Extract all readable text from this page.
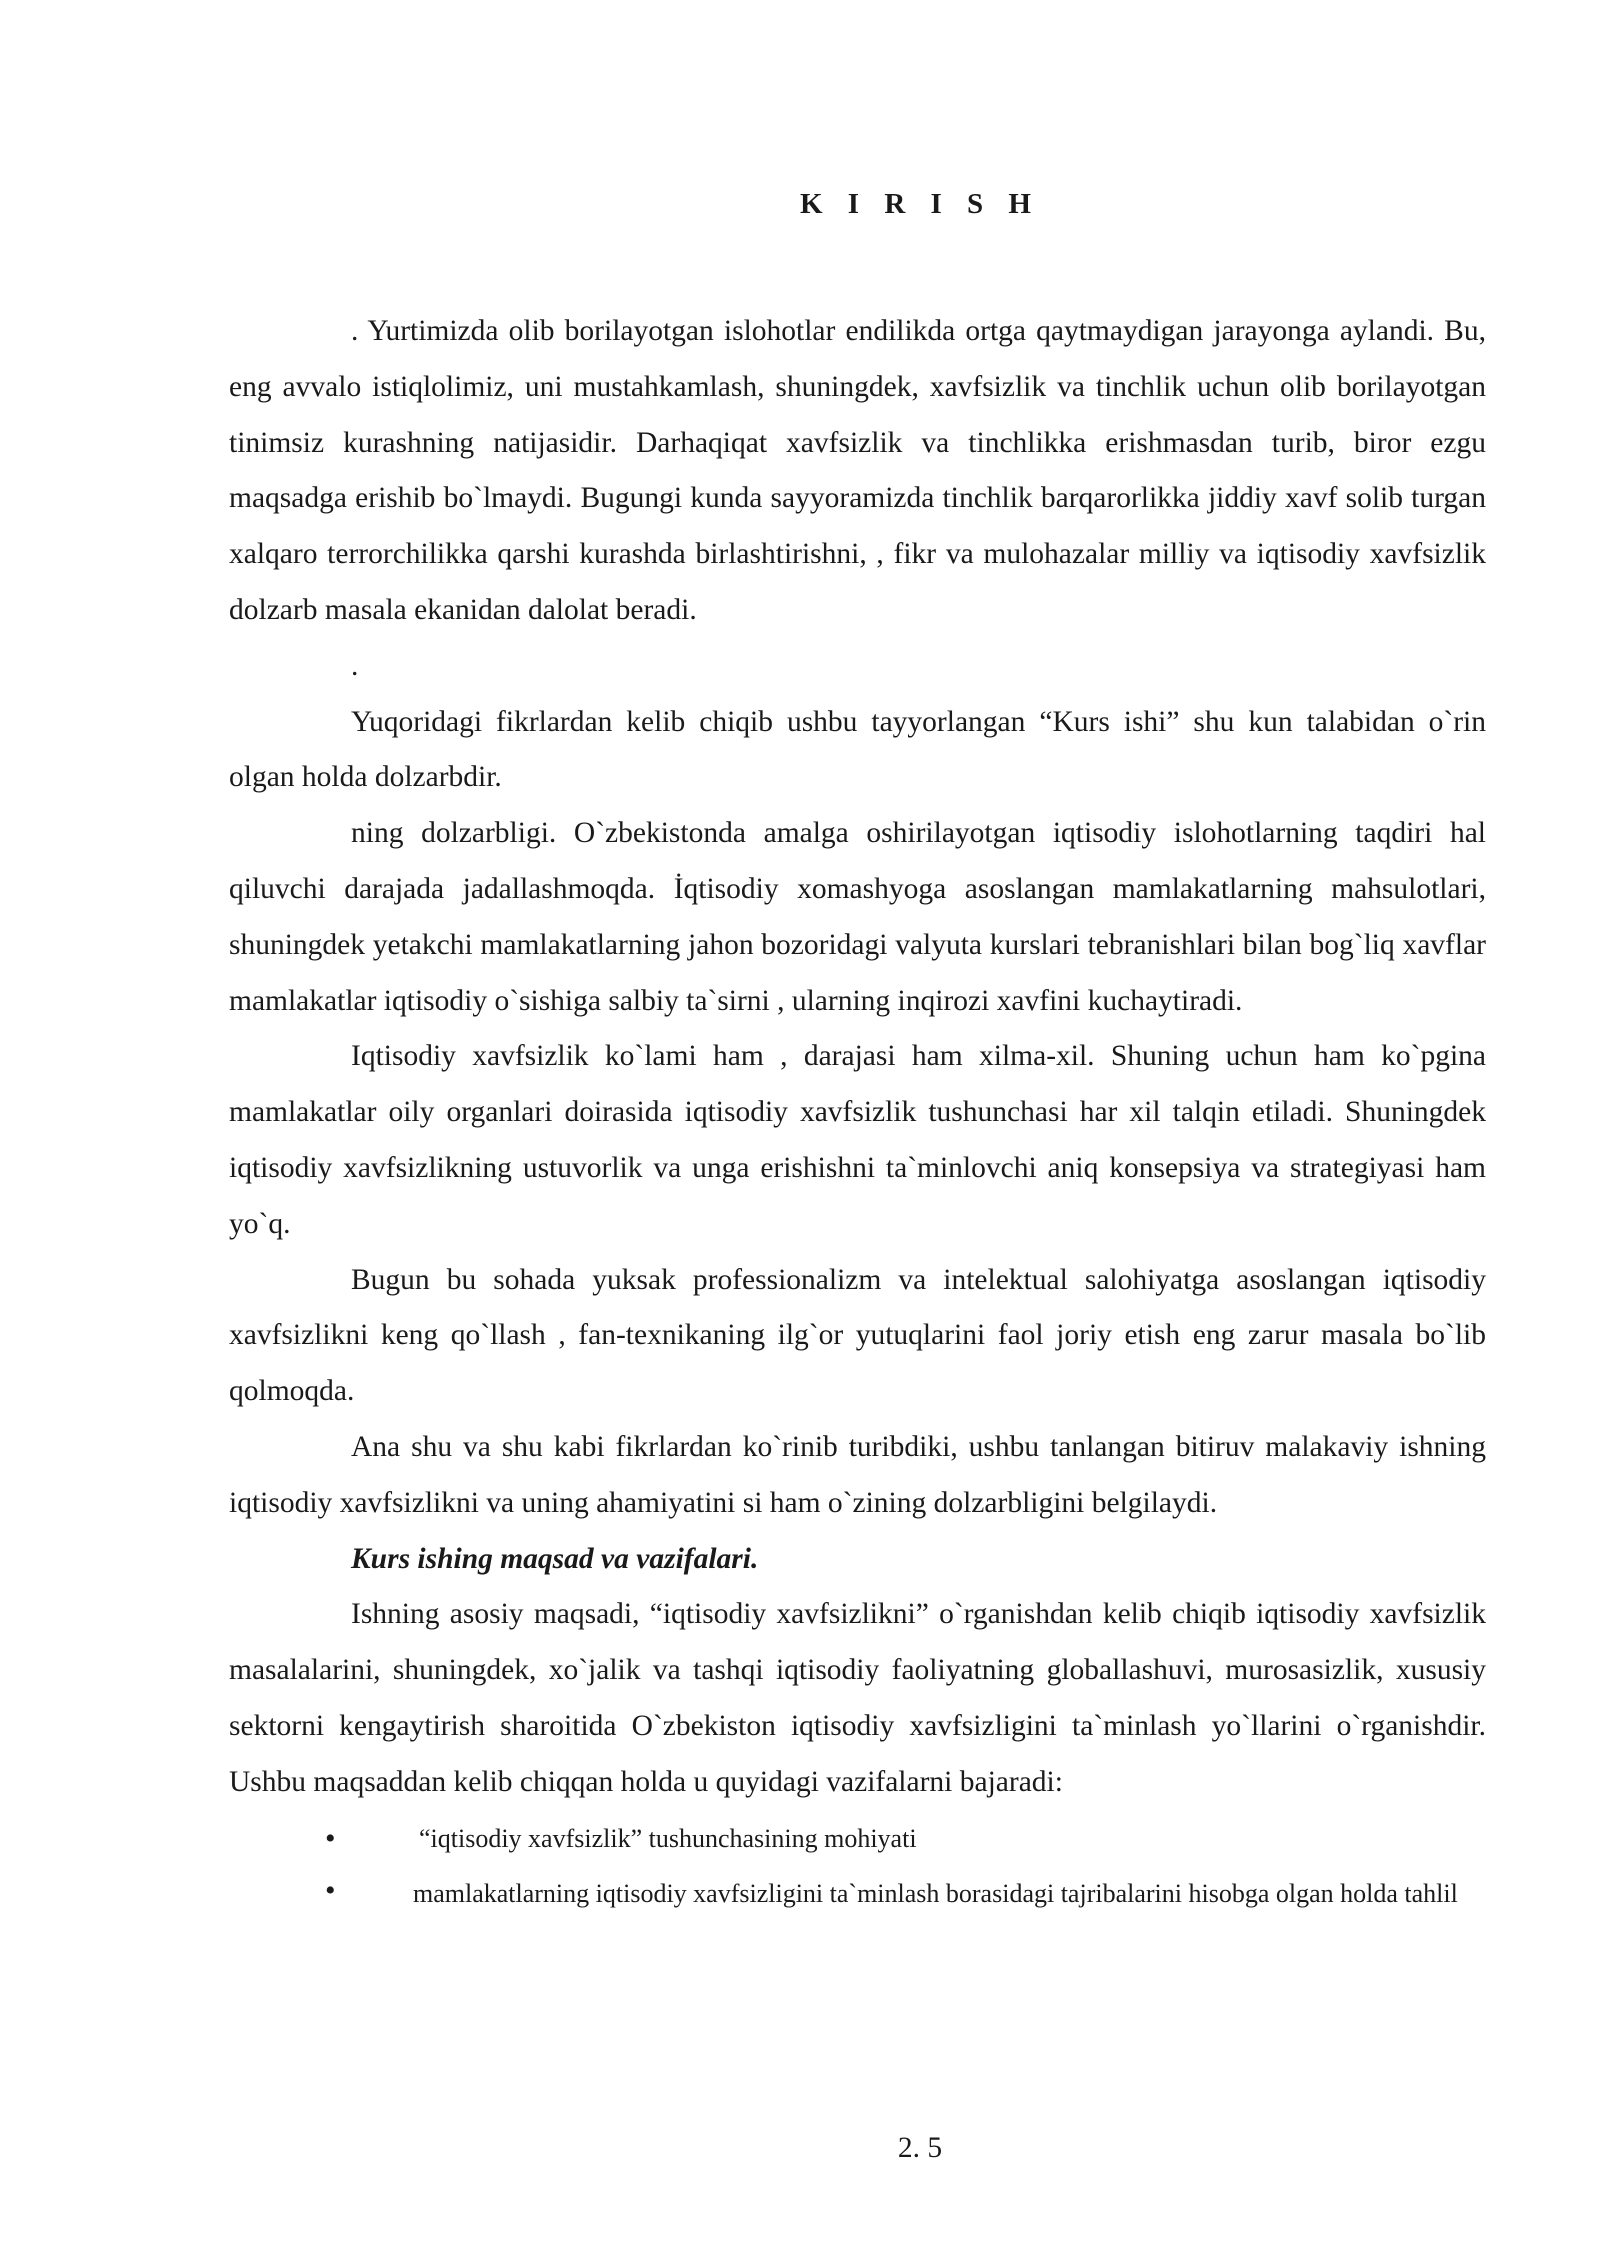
K I R I S H

. Yurtimizda olib borilayotgan islohotlar endilikda ortga qaytmaydigan jarayonga aylandi. Bu, eng avvalo istiqlolimiz, uni mustahkamlash, shuningdek, xavfsizlik va tinchlik uchun olib borilayotgan tinimsiz kurashning natijasidir. Darhaqiqat xavfsizlik va tinchlikka erishmasdan turib, biror ezgu maqsadga erishib bo`lmaydi. Bugungi kunda sayyoramizda tinchlik barqarorlikka jiddiy xavf solib turgan xalqaro terrorchilikka qarshi kurashda birlashtirishni, , fikr va mulohazalar milliy va iqtisodiy xavfsizlik dolzarb masala ekanidan dalolat beradi.

.

Yuqoridagi fikrlardan kelib chiqib ushbu tayyorlangan “Kurs ishi” shu kun talabidan o`rin olgan holda dolzarbdir.

ning dolzarbligi. O`zbekistonda amalga oshirilayotgan iqtisodiy islohotlarning taqdiri hal qiluvchi darajada jadallashmoqda. İqtisodiy xomashyoga asoslangan mamlakatlarning mahsulotlari, shuningdek yetakchi mamlakatlarning jahon bozoridagi valyuta kurslari tebranishlari bilan bog`liq xavflar mamlakatlar iqtisodiy o`sishiga salbiy ta`sirni , ularning inqirozi xavfini kuchaytiradi.

Iqtisodiy xavfsizlik ko`lami ham , darajasi ham xilma-xil. Shuning uchun ham ko`pgina mamlakatlar oily organlari doirasida iqtisodiy xavfsizlik tushunchasi har xil talqin etiladi. Shuningdek iqtisodiy xavfsizlikning ustuvorlik va unga erishishni ta`minlovchi aniq konsepsiya va strategiyasi ham yo`q.

Bugun bu sohada yuksak professionalizm va intelektual salohiyatga asoslangan iqtisodiy xavfsizlikni keng qo`llash , fan-texnikaning ilg`or yutuqlarini faol joriy etish eng zarur masala bo`lib qolmoqda.

Ana shu va shu kabi fikrlardan ko`rinib turibdiki, ushbu tanlangan bitiruv malakaviy ishning iqtisodiy xavfsizlikni va uning ahamiyatini si ham o`zining dolzarbligini belgilaydi.

Kurs ishing maqsad va vazifalari.

Ishning asosiy maqsadi, “iqtisodiy xavfsizlikni” o`rganishdan kelib chiqib iqtisodiy xavfsizlik masalalarini, shuningdek, xo`jalik va tashqi iqtisodiy faoliyatning globallashuvi, murosasizlik, xususiy sektorni kengaytirish sharoitida O`zbekiston iqtisodiy xavfsizligini ta`minlash yo`llarini o`rganishdir. Ushbu maqsaddan kelib chiqqan holda u quyidagi vazifalarni bajaradi:

•	“iqtisodiy xavfsizlik” tushunchasining mohiyati
•	mamlakatlarning iqtisodiy xavfsizligini ta`minlash borasidagi tajribalarini hisobga olgan holda tahlil
2. 5
